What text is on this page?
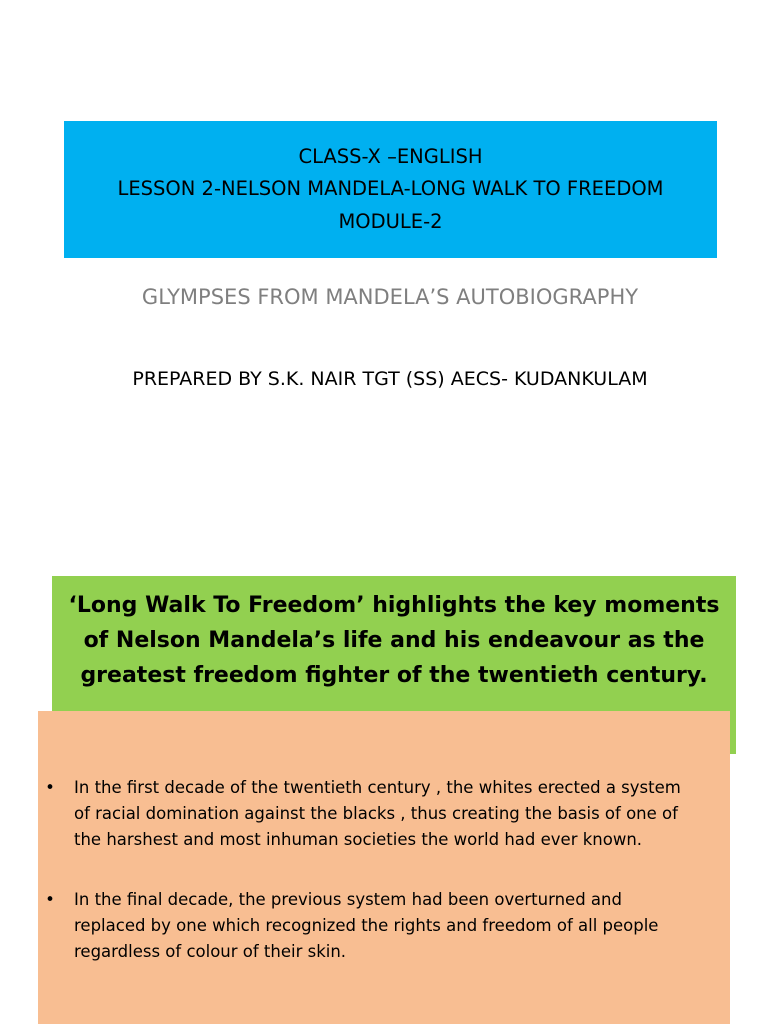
CLASS-X –ENGLISH
LESSON 2-NELSON MANDELA-LONG WALK TO FREEDOM
MODULE-2
GLYMPSES FROM MANDELA’S AUTOBIOGRAPHY
PREPARED BY S.K. NAIR TGT (SS) AECS- KUDANKULAM
‘Long Walk To Freedom’ highlights the key moments
of Nelson Mandela’s life and his endeavour as the
greatest freedom fighter of the twentieth century.
• In the first decade of the twentieth century , the whites erected a system
of racial domination against the blacks , thus creating the basis of one of
the harshest and most inhuman societies the world had ever known.
• In the final decade, the previous system had been overturned and
replaced by one which recognized the rights and freedom of all people
regardless of colour of their skin.
